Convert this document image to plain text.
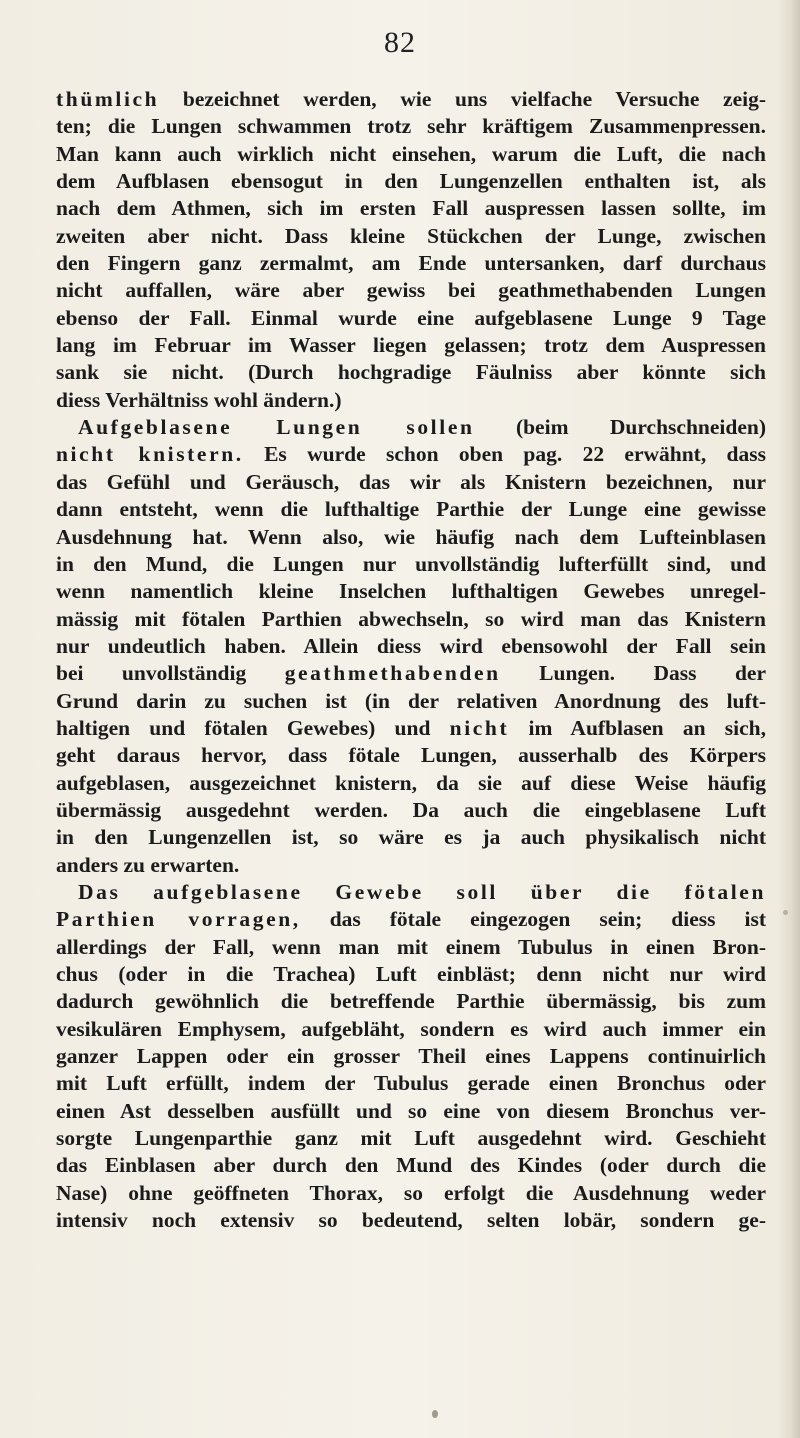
82
thümlich bezeichnet werden, wie uns vielfache Versuche zeig-
ten; die Lungen schwammen trotz sehr kräftigem Zusammenpressen.
Man kann auch wirklich nicht einsehen, warum die Luft, die nach
dem Aufblasen ebensogut in den Lungenzellen enthalten ist, als
nach dem Athmen, sich im ersten Fall auspressen lassen sollte, im
zweiten aber nicht. Dass kleine Stückchen der Lunge, zwischen
den Fingern ganz zermalmt, am Ende untersanken, darf durchaus
nicht auffallen, wäre aber gewiss bei geathmethabenden Lungen
ebenso der Fall. Einmal wurde eine aufgeblasene Lunge 9 Tage
lang im Februar im Wasser liegen gelassen; trotz dem Auspressen
sank sie nicht. (Durch hochgradige Fäulniss aber könnte sich
diess Verhältniss wohl ändern.)
Aufgeblasene Lungen sollen (beim Durchschneiden)
nicht knistern. Es wurde schon oben pag. 22 erwähnt, dass
das Gefühl und Geräusch, das wir als Knistern bezeichnen, nur
dann entsteht, wenn die lufthaltige Parthie der Lunge eine gewisse
Ausdehnung hat. Wenn also, wie häufig nach dem Lufteinblasen
in den Mund, die Lungen nur unvollständig lufterfüllt sind, und
wenn namentlich kleine Inselchen lufthaltigen Gewebes unregel-
mässig mit fötalen Parthien abwechseln, so wird man das Knistern
nur undeutlich haben. Allein diess wird ebensowohl der Fall sein
bei unvollständig geathmethabenden Lungen. Dass der
Grund darin zu suchen ist (in der relativen Anordnung des luft-
haltigen und fötalen Gewebes) und nicht im Aufblasen an sich,
geht daraus hervor, dass fötale Lungen, ausserhalb des Körpers
aufgeblasen, ausgezeichnet knistern, da sie auf diese Weise häufig
übermässig ausgedehnt werden. Da auch die eingeblasene Luft
in den Lungenzellen ist, so wäre es ja auch physikalisch nicht
anders zu erwarten.
Das aufgeblasene Gewebe soll über die fötalen
Parthien vorragen, das fötale eingezogen sein; diess ist
allerdings der Fall, wenn man mit einem Tubulus in einen Bron-
chus (oder in die Trachea) Luft einbläst; denn nicht nur wird
dadurch gewöhnlich die betreffende Parthie übermässig, bis zum
vesikulären Emphysem, aufgebläht, sondern es wird auch immer ein
ganzer Lappen oder ein grosser Theil eines Lappens continuirlich
mit Luft erfüllt, indem der Tubulus gerade einen Bronchus oder
einen Ast desselben ausfüllt und so eine von diesem Bronchus ver-
sorgte Lungenparthie ganz mit Luft ausgedehnt wird. Geschieht
das Einblasen aber durch den Mund des Kindes (oder durch die
Nase) ohne geöffneten Thorax, so erfolgt die Ausdehnung weder
intensiv noch extensiv so bedeutend, selten lobär, sondern ge-
